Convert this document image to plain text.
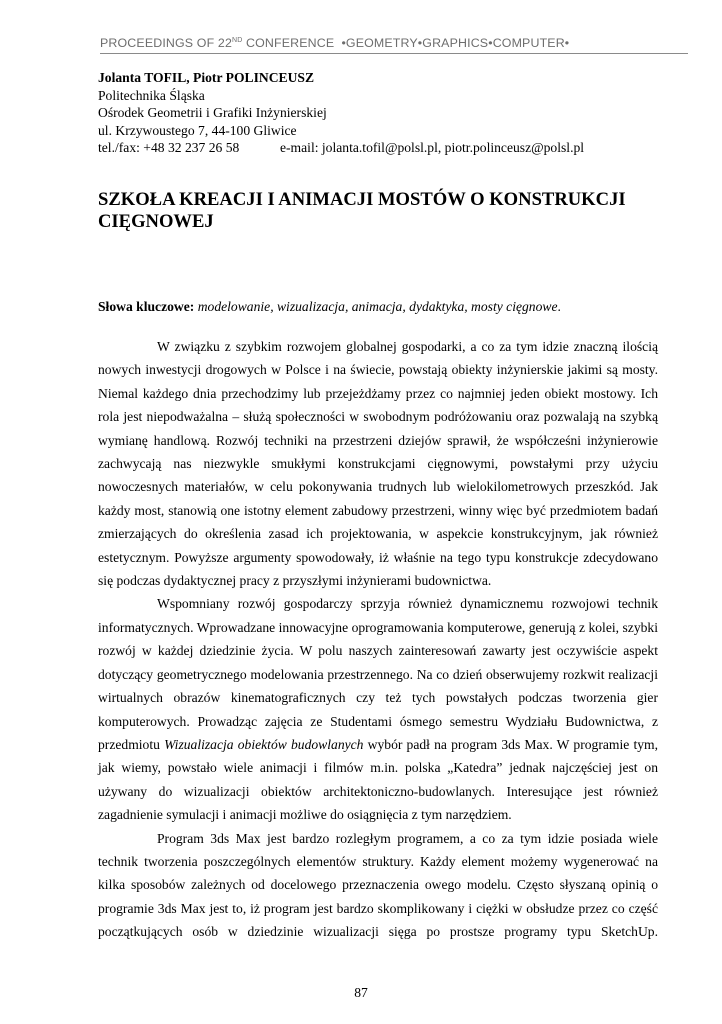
PROCEEDINGS OF 22ND CONFERENCE  •GEOMETRY•GRAPHICS•COMPUTER•
Jolanta TOFIL, Piotr POLINCEUSZ
Politechnika Śląska
Ośrodek Geometrii i Grafiki Inżynierskiej
ul. Krzywoustego 7, 44-100 Gliwice
tel./fax: +48 32 237 26 58	e-mail: jolanta.tofil@polsl.pl, piotr.polinceusz@polsl.pl
SZKOŁA KREACJI I ANIMACJI MOSTÓW O KONSTRUKCJI CIĘGNOWEJ
Słowa kluczowe: modelowanie, wizualizacja, animacja, dydaktyka, mosty cięgnowe.

W związku z szybkim rozwojem globalnej gospodarki, a co za tym idzie znaczną ilością nowych inwestycji drogowych w Polsce i na świecie, powstają obiekty inżynierskie jakimi są mosty. Niemal każdego dnia przechodzimy lub przejeżdżamy przez co najmniej jeden obiekt mostowy. Ich rola jest niepodważalna – służą społeczności w swobodnym podróżowaniu oraz pozwalają na szybką wymianę handlową. Rozwój techniki na przestrzeni dziejów sprawił, że współcześni inżynierowie zachwycają nas niezwykle smukłymi konstrukcjami cięgnowymi, powstałymi przy użyciu nowoczesnych materiałów, w celu pokonywania trudnych lub wielokilometrowych przeszkód. Jak każdy most, stanowią one istotny element zabudowy przestrzeni, winny więc być przedmiotem badań zmierzających do określenia zasad ich projektowania, w aspekcie konstrukcyjnym, jak również estetycznym. Powyższe argumenty spowodowały, iż właśnie na tego typu konstrukcje zdecydowano się podczas dydaktycznej pracy z przyszłymi inżynierami budownictwa.

Wspomniany rozwój gospodarczy sprzyja również dynamicznemu rozwojowi technik informatycznych. Wprowadzane innowacyjne oprogramowania komputerowe, generują z kolei, szybki rozwój w każdej dziedzinie życia. W polu naszych zainteresowań zawarty jest oczywiście aspekt dotyczący geometrycznego modelowania przestrzennego. Na co dzień obserwujemy rozkwit realizacji wirtualnych obrazów kinematograficznych czy też tych powstałych podczas tworzenia gier komputerowych. Prowadząc zajęcia ze Studentami ósmego semestru Wydziału Budownictwa, z przedmiotu Wizualizacja obiektów budowlanych wybór padł na program 3ds Max. W programie tym, jak wiemy, powstało wiele animacji i filmów m.in. polska „Katedra” jednak najczęściej jest on używany do wizualizacji obiektów architektoniczno-budowlanych. Interesujące jest również zagadnienie symulacji i animacji możliwe do osiągnięcia z tym narzędziem.

Program 3ds Max jest bardzo rozległym programem, a co za tym idzie posiada wiele technik tworzenia poszczególnych elementów struktury. Każdy element możemy wygenerować na kilka sposobów zależnych od docelowego przeznaczenia owego modelu. Często słyszaną opinią o programie 3ds Max jest to, iż program jest bardzo skomplikowany i ciężki w obsłudze przez co część początkujących osób w dziedzinie wizualizacji sięga po prostsze programy typu SketchUp.

87
